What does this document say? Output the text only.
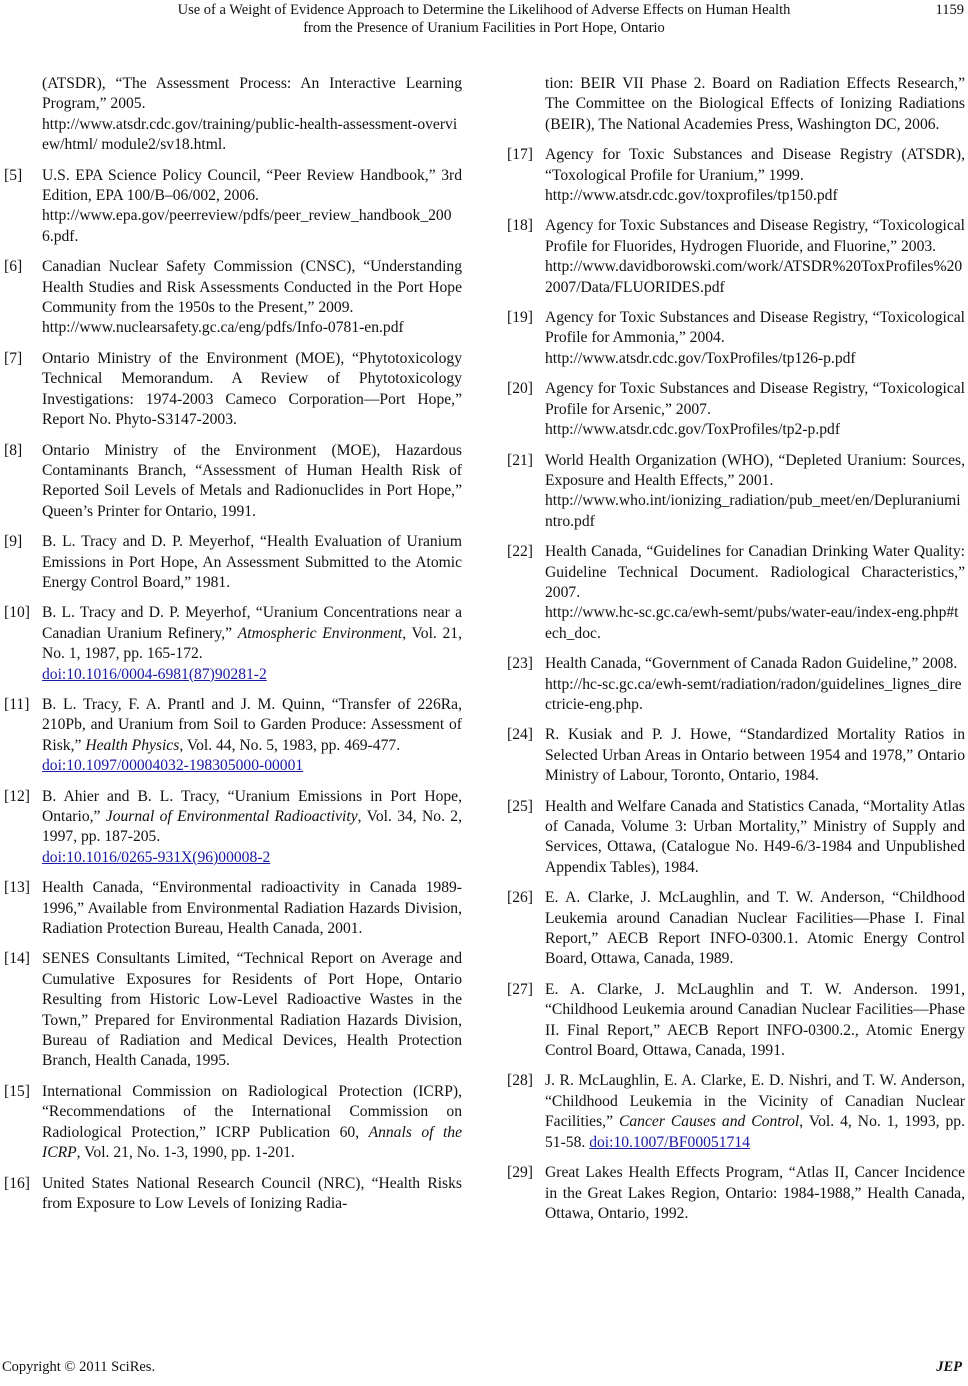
Use of a Weight of Evidence Approach to Determine the Likelihood of Adverse Effects on Human Health
from the Presence of Uranium Facilities in Port Hope, Ontario
1159
(ATSDR), “The Assessment Process: An Interactive Learning Program,” 2005.
http://www.atsdr.cdc.gov/training/public-health-assessment-overview/html/ module2/sv18.html.
[5] U.S. EPA Science Policy Council, “Peer Review Handbook,” 3rd Edition, EPA 100/B–06/002, 2006.
http://www.epa.gov/peerreview/pdfs/peer_review_handbook_2006.pdf.
[6] Canadian Nuclear Safety Commission (CNSC), “Understanding Health Studies and Risk Assessments Conducted in the Port Hope Community from the 1950s to the Present,” 2009.
http://www.nuclearsafety.gc.ca/eng/pdfs/Info-0781-en.pdf
[7] Ontario Ministry of the Environment (MOE), “Phytotoxicology Technical Memorandum. A Review of Phytotoxicology Investigations: 1974-2003 Cameco Corporation—Port Hope,” Report No. Phyto-S3147-2003.
[8] Ontario Ministry of the Environment (MOE), Hazardous Contaminants Branch, “Assessment of Human Health Risk of Reported Soil Levels of Metals and Radionuclides in Port Hope,” Queen’s Printer for Ontario, 1991.
[9] B. L. Tracy and D. P. Meyerhof, “Health Evaluation of Uranium Emissions in Port Hope, An Assessment Submitted to the Atomic Energy Control Board,” 1981.
[10] B. L. Tracy and D. P. Meyerhof, “Uranium Concentrations near a Canadian Uranium Refinery,” Atmospheric Environment, Vol. 21, No. 1, 1987, pp. 165-172.
doi:10.1016/0004-6981(87)90281-2
[11] B. L. Tracy, F. A. Prantl and J. M. Quinn, “Transfer of 226Ra, 210Pb, and Uranium from Soil to Garden Produce: Assessment of Risk,” Health Physics, Vol. 44, No. 5, 1983, pp. 469-477.
doi:10.1097/00004032-198305000-00001
[12] B. Ahier and B. L. Tracy, “Uranium Emissions in Port Hope, Ontario,” Journal of Environmental Radioactivity, Vol. 34, No. 2, 1997, pp. 187-205.
doi:10.1016/0265-931X(96)00008-2
[13] Health Canada, “Environmental radioactivity in Canada 1989-1996,” Available from Environmental Radiation Hazards Division, Radiation Protection Bureau, Health Canada, 2001.
[14] SENES Consultants Limited, “Technical Report on Average and Cumulative Exposures for Residents of Port Hope, Ontario Resulting from Historic Low-Level Radioactive Wastes in the Town,” Prepared for Environmental Radiation Hazards Division, Bureau of Radiation and Medical Devices, Health Protection Branch, Health Canada, 1995.
[15] International Commission on Radiological Protection (ICRP), “Recommendations of the International Commission on Radiological Protection,” ICRP Publication 60, Annals of the ICRP, Vol. 21, No. 1-3, 1990, pp. 1-201.
[16] United States National Research Council (NRC), “Health Risks from Exposure to Low Levels of Ionizing Radia-
tion: BEIR VII Phase 2. Board on Radiation Effects Research,” The Committee on the Biological Effects of Ionizing Radiations (BEIR), The National Academies Press, Washington DC, 2006.
[17] Agency for Toxic Substances and Disease Registry (ATSDR), “Toxological Profile for Uranium,” 1999.
http://www.atsdr.cdc.gov/toxprofiles/tp150.pdf
[18] Agency for Toxic Substances and Disease Registry, “Toxicological Profile for Fluorides, Hydrogen Fluoride, and Fluorine,” 2003.
http://www.davidborowski.com/work/ATSDR%20ToxProfiles%202007/Data/FLUORIDES.pdf
[19] Agency for Toxic Substances and Disease Registry, “Toxicological Profile for Ammonia,” 2004.
http://www.atsdr.cdc.gov/ToxProfiles/tp126-p.pdf
[20] Agency for Toxic Substances and Disease Registry, “Toxicological Profile for Arsenic,” 2007.
http://www.atsdr.cdc.gov/ToxProfiles/tp2-p.pdf
[21] World Health Organization (WHO), “Depleted Uranium: Sources, Exposure and Health Effects,” 2001.
http://www.who.int/ionizing_radiation/pub_meet/en/Depluraniumintro.pdf
[22] Health Canada, “Guidelines for Canadian Drinking Water Quality: Guideline Technical Document. Radiological Characteristics,” 2007.
http://www.hc-sc.gc.ca/ewh-semt/pubs/water-eau/index-eng.php#tech_doc.
[23] Health Canada, “Government of Canada Radon Guideline,” 2008.
http://hc-sc.gc.ca/ewh-semt/radiation/radon/guidelines_lignes_directricie-eng.php.
[24] R. Kusiak and P. J. Howe, “Standardized Mortality Ratios in Selected Urban Areas in Ontario between 1954 and 1978,” Ontario Ministry of Labour, Toronto, Ontario, 1984.
[25] Health and Welfare Canada and Statistics Canada, “Mortality Atlas of Canada, Volume 3: Urban Mortality,” Ministry of Supply and Services, Ottawa, (Catalogue No. H49-6/3-1984 and Unpublished Appendix Tables), 1984.
[26] E. A. Clarke, J. McLaughlin, and T. W. Anderson, “Childhood Leukemia around Canadian Nuclear Facilities—Phase I. Final Report,” AECB Report INFO-0300.1. Atomic Energy Control Board, Ottawa, Canada, 1989.
[27] E. A. Clarke, J. McLaughlin and T. W. Anderson. 1991, “Childhood Leukemia around Canadian Nuclear Facilities—Phase II. Final Report,” AECB Report INFO-0300.2., Atomic Energy Control Board, Ottawa, Canada, 1991.
[28] J. R. McLaughlin, E. A. Clarke, E. D. Nishri, and T. W. Anderson, “Childhood Leukemia in the Vicinity of Canadian Nuclear Facilities,” Cancer Causes and Control, Vol. 4, No. 1, 1993, pp. 51-58. doi:10.1007/BF00051714
[29] Great Lakes Health Effects Program, “Atlas II, Cancer Incidence in the Great Lakes Region, Ontario: 1984-1988,” Health Canada, Ottawa, Ontario, 1992.
Copyright © 2011 SciRes.	JEP
